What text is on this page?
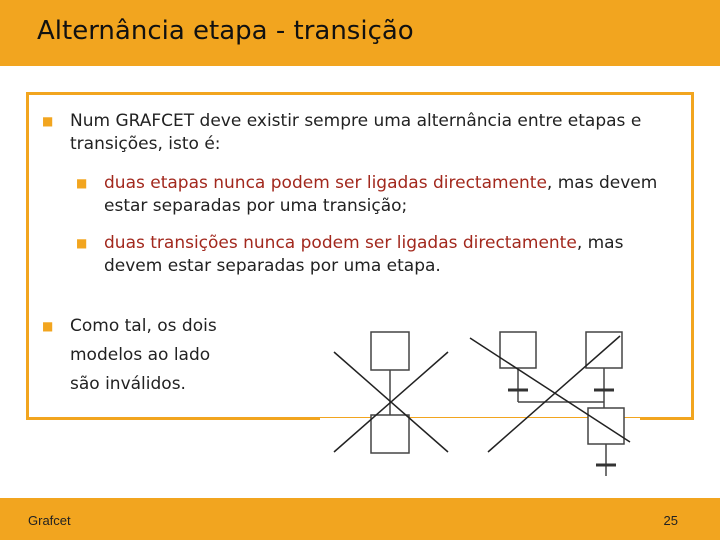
Alternância etapa - transição
■ Num GRAFCET deve existir sempre uma alternância entre etapas e transições, isto é:
■ duas etapas nunca podem ser ligadas directamente, mas devem estar separadas por uma transição;
■ duas transições nunca podem ser ligadas directamente, mas devem estar separadas por uma etapa.
■ Como tal, os dois modelos ao lado são inválidos.
Grafcet	25
